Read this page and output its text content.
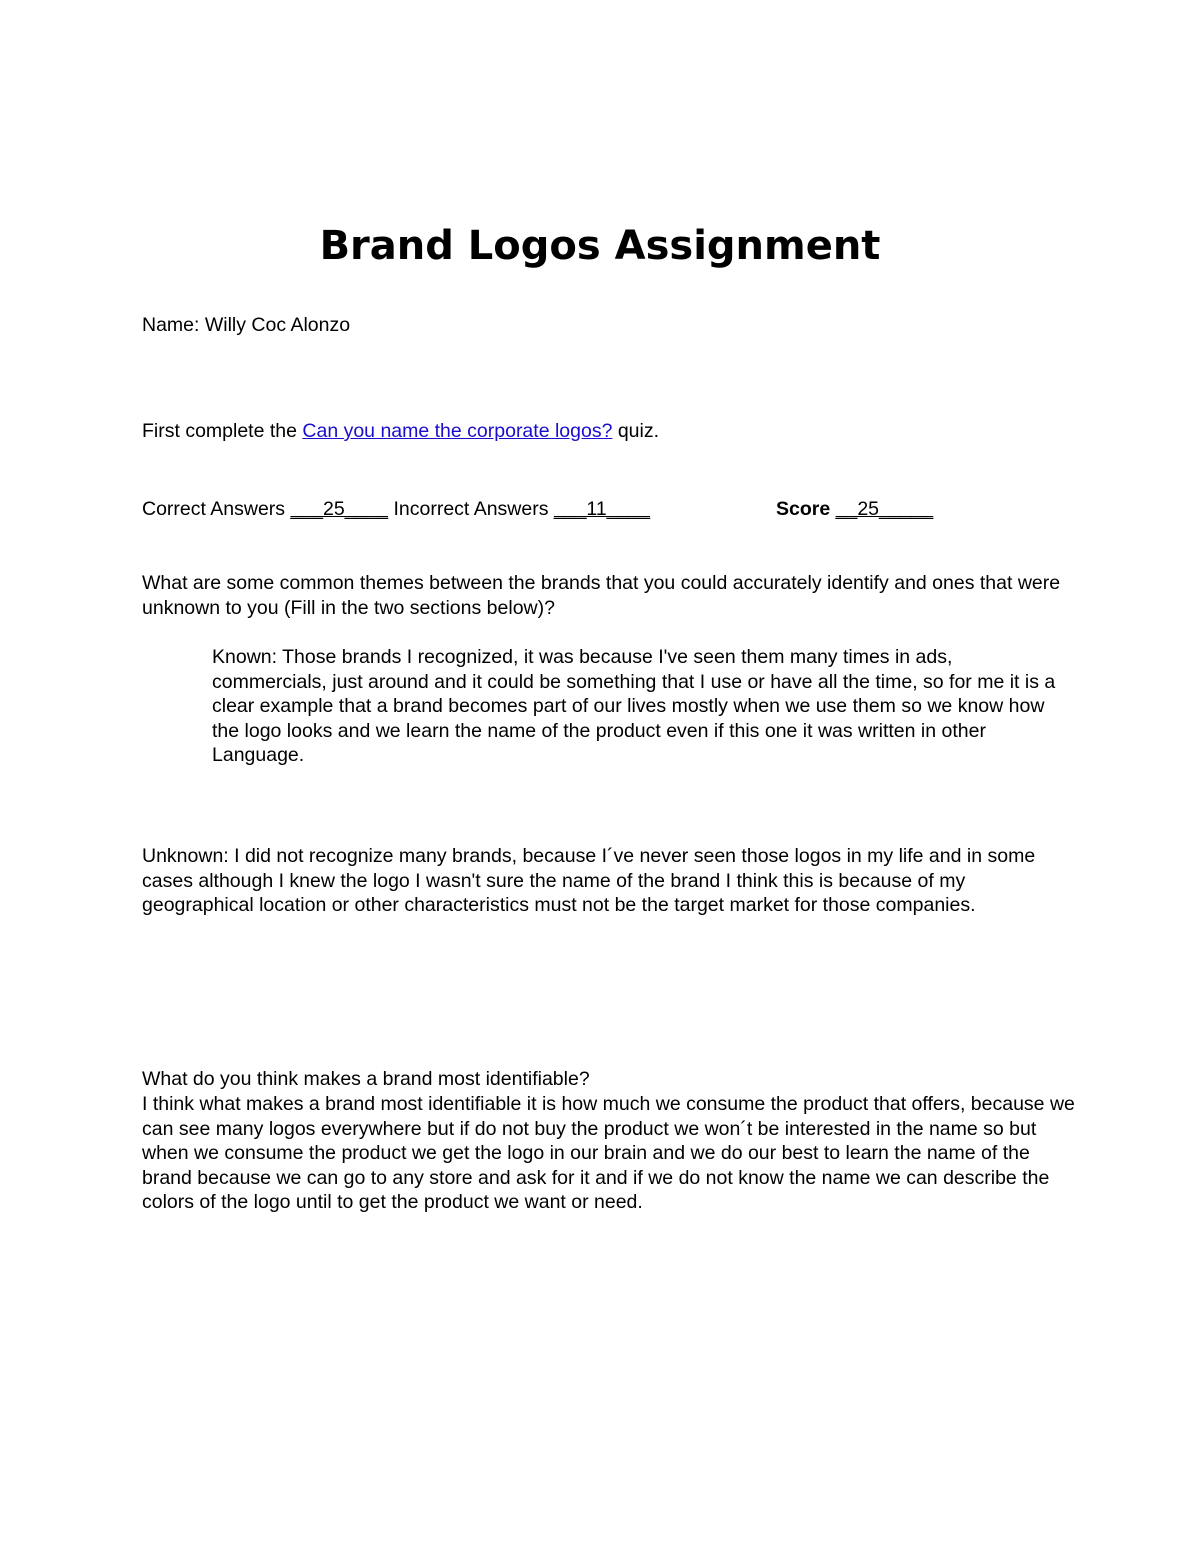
Brand Logos Assignment

Name: Willy Coc Alonzo

First complete the Can you name the corporate logos? quiz.

Correct Answers ___25____ Incorrect Answers ___11____	Score __25_____

What are some common themes between the brands that you could accurately identify and ones that were unknown to you (Fill in the two sections below)?

Known: Those brands I recognized, it was because I've seen them many times in ads, commercials, just around and it could be something that I use or have all the time, so for me it is a clear example that a brand becomes part of our lives mostly when we use them so we know how the logo looks and we learn the name of the product even if this one it was written in other Language.

Unknown: I did not recognize many brands, because I´ve never seen those logos in my life and in some cases although I knew the logo I wasn't sure the name of the brand I think this is because of my geographical location or other characteristics must not be the target market for those companies.

What do you think makes a brand most identifiable?

I think what makes a brand most identifiable it is how much we consume the product that offers, because we can see many logos everywhere but if do not buy the product we won´t be interested in the name so but when we consume the product we get the logo in our brain and we do our best to learn the name of the brand because we can go to any store and ask for it and if we do not know the name we can describe the colors of the logo until to get the product we want or need.
